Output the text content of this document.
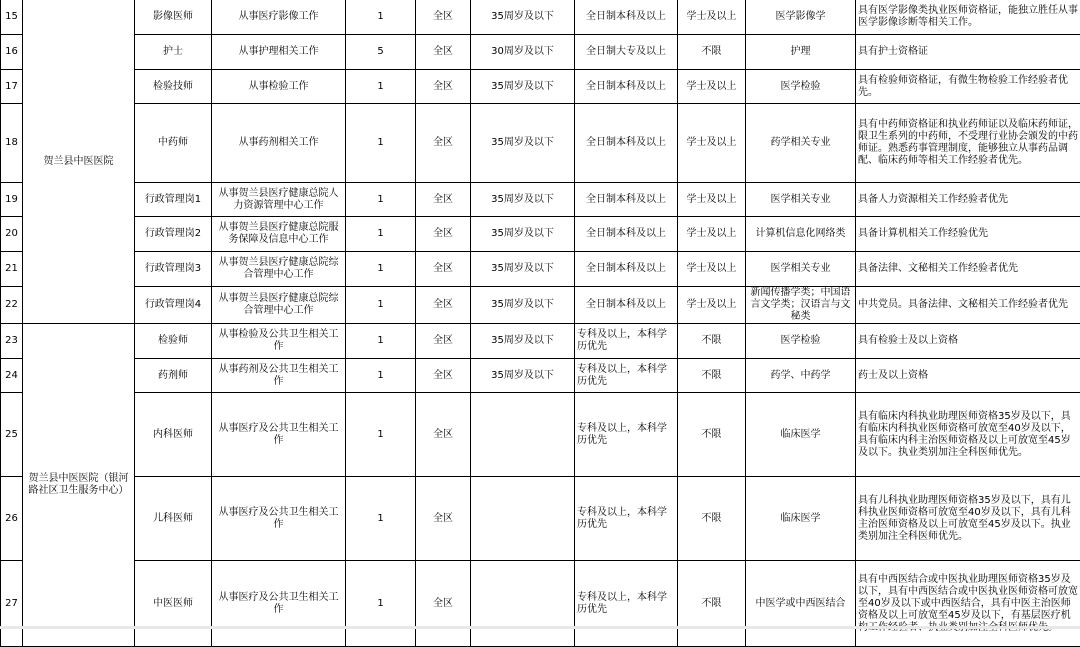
15	贺兰县中医医院	影像医师	从事医疗影像工作	1	全区	35周岁及以下	全日制本科及以上	学士及以上	医学影像学	具有医学影像类执业医师资格证，能独立胜任从事医学影像诊断等相关工作。
16		护士	从事护理相关工作	5	全区	30周岁及以下	全日制大专及以上	不限	护理	具有护士资格证
17		检验技师	从事检验工作	1	全区	35周岁及以下	全日制本科及以上	学士及以上	医学检验	具有检验师资格证，有微生物检验工作经验者优先。
18		中药师	从事药剂相关工作	1	全区	35周岁及以下	全日制本科及以上	学士及以上	药学相关专业	具有中药师资格证和执业药师证以及临床药师证，限卫生系列的中药师，不受理行业协会颁发的中药师证。熟悉药事管理制度，能够独立从事药品调配、临床药师等相关工作经验者优先。
19		行政管理岗1	从事贺兰县医疗健康总院人力资源管理中心工作	1	全区	35周岁及以下	全日制本科及以上	学士及以上	医学相关专业	具备人力资源相关工作经验者优先
20		行政管理岗2	从事贺兰县医疗健康总院服务保障及信息中心工作	1	全区	35周岁及以下	全日制本科及以上	学士及以上	计算机信息化网络类	具备计算机相关工作经验优先
21		行政管理岗3	从事贺兰县医疗健康总院综合管理中心工作	1	全区	35周岁及以下	全日制本科及以上	学士及以上	医学相关专业	具备法律、文秘相关工作经验者优先
22		行政管理岗4	从事贺兰县医疗健康总院综合管理中心工作	1	全区	35周岁及以下	全日制本科及以上	学士及以上	新闻传播学类；中国语言文学类；汉语言与文秘类	中共党员。具备法律、文秘相关工作经验者优先
23	贺兰县中医医院（银河路社区卫生服务中心）	检验师	从事检验及公共卫生相关工作	1	全区	35周岁及以下	专科及以上，本科学历优先	不限	医学检验	具有检验士及以上资格
24		药剂师	从事药剂及公共卫生相关工作	1	全区	35周岁及以下	专科及以上，本科学历优先	不限	药学、中药学	药士及以上资格
25		内科医师	从事医疗及公共卫生相关工作	1	全区		专科及以上，本科学历优先	不限	临床医学	具有临床内科执业助理医师资格35岁及以下，具有临床内科执业医师资格可放宽至40岁及以下，具有临床内科主治医师资格及以上可放宽至45岁及以下。执业类别加注全科医师优先。
26		儿科医师	从事医疗及公共卫生相关工作	1	全区		专科及以上，本科学历优先	不限	临床医学	具有儿科执业助理医师资格35岁及以下，具有儿科执业医师资格可放宽至40岁及以下，具有儿科主治医师资格及以上可放宽至45岁及以下。执业类别加注全科医师优先。
27		中医医师	从事医疗及公共卫生相关工作	1	全区		专科及以上，本科学历优先	不限	中医学或中西医结合	具有中西医结合或中医执业助理医师资格35岁及以下，具有中西医结合或中医执业医师资格可放宽至40岁及以下或中西医结合，具有中医主治医师资格及以上可放宽至45岁及以下，有基层医疗机
